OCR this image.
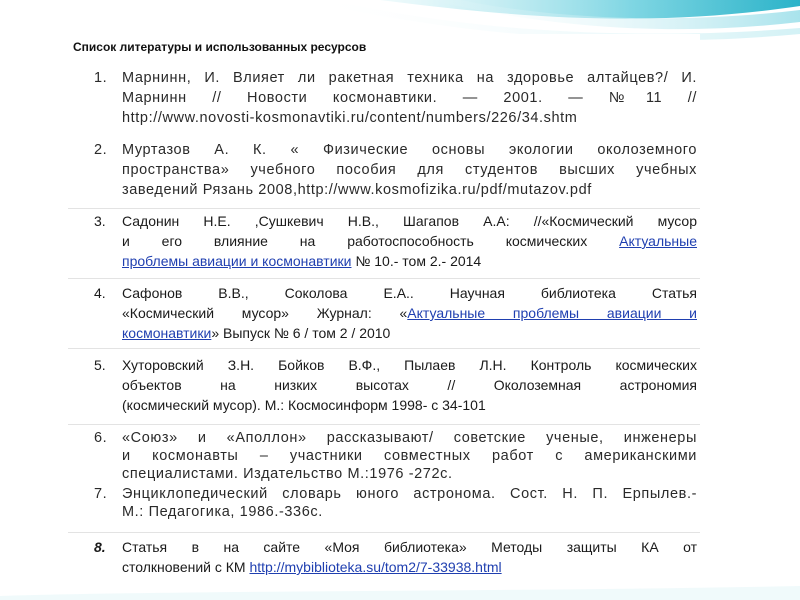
Список литературы и использованных ресурсов
1. Марнинн, И. Влияет ли ракетная техника на здоровье алтайцев?/ И.
Марнинн // Новости космонавтики. — 2001. — №11 //
http://www.novosti-kosmonavtiki.ru/content/numbers/226/34.shtm
2. Муртазов А. К. « Физические основы экологии околоземного
пространства» учебного пособия для студентов высших учебных
заведений Рязань 2008,http://www.kosmofizika.ru/pdf/mutazov.pdf
3. Садонин Н.Е. ,Сушкевич Н.В., Шагапов А.А: //«Космический мусор
и его влияние на работоспособность космических Актуальные
проблемы авиации и космонавтики № 10.- том 2.- 2014
4. Сафонов В.В., Соколова Е.А.. Научная библиотека Статья
«Космический мусор» Журнал: «Актуальные проблемы авиации и
космонавтики» Выпуск № 6 / том 2 / 2010
5. Хуторовский З.Н. Бойков В.Ф., Пылаев Л.Н. Контроль космических
объектов на низких высотах // Околоземная астрономия
(космический мусор). М.: Космосинформ 1998- с 34-101
6. «Союз» и «Аполлон» рассказывают/ советские ученые, инженеры
и космонавты – участники совместных работ с американскими
специалистами. Издательство М.:1976 -272с.
7. Энциклопедический словарь юного астронома. Сост. Н. П. Ерпылев.-
М.: Педагогика, 1986.-336с.
8. Статья в на сайте «Моя библиотека» Методы защиты КА от
столкновений с КМ http://mybiblioteka.su/tom2/7-33938.html
